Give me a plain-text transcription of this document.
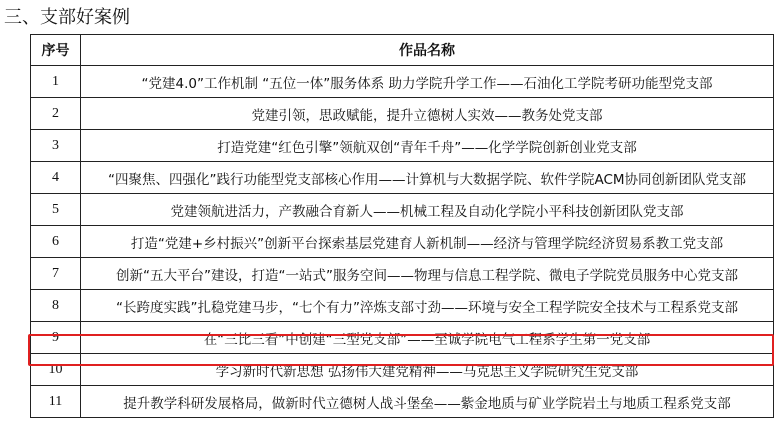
三、支部好案例
序号	作品名称
1	“党建4.0”工作机制 “五位一体”服务体系 助力学院升学工作——石油化工学院考研功能型党支部
2	党建引领，思政赋能，提升立德树人实效——教务处党支部
3	打造党建“红色引擎”领航双创“青年千舟”——化学学院创新创业党支部
4	“四聚焦、四强化”践行功能型党支部核心作用——计算机与大数据学院、软件学院ACM协同创新团队党支部
5	党建领航进活力，产教融合育新人——机械工程及自动化学院小平科技创新团队党支部
6	打造“党建+乡村振兴”创新平台探索基层党建育人新机制——经济与管理学院经济贸易系教工党支部
7	创新“五大平台”建设，打造“一站式”服务空间——物理与信息工程学院、微电子学院党员服务中心党支部
8	“长跨度实践”扎稳党建马步，“七个有力”淬炼支部寸劲——环境与安全工程学院安全技术与工程系党支部
9	在“三比三看”中创建“三型党支部”——至诚学院电气工程系学生第一党支部
10	学习新时代新思想 弘扬伟大建党精神——马克思主义学院研究生党支部
11	提升教学科研发展格局，做新时代立德树人战斗堡垒——紫金地质与矿业学院岩土与地质工程系党支部
